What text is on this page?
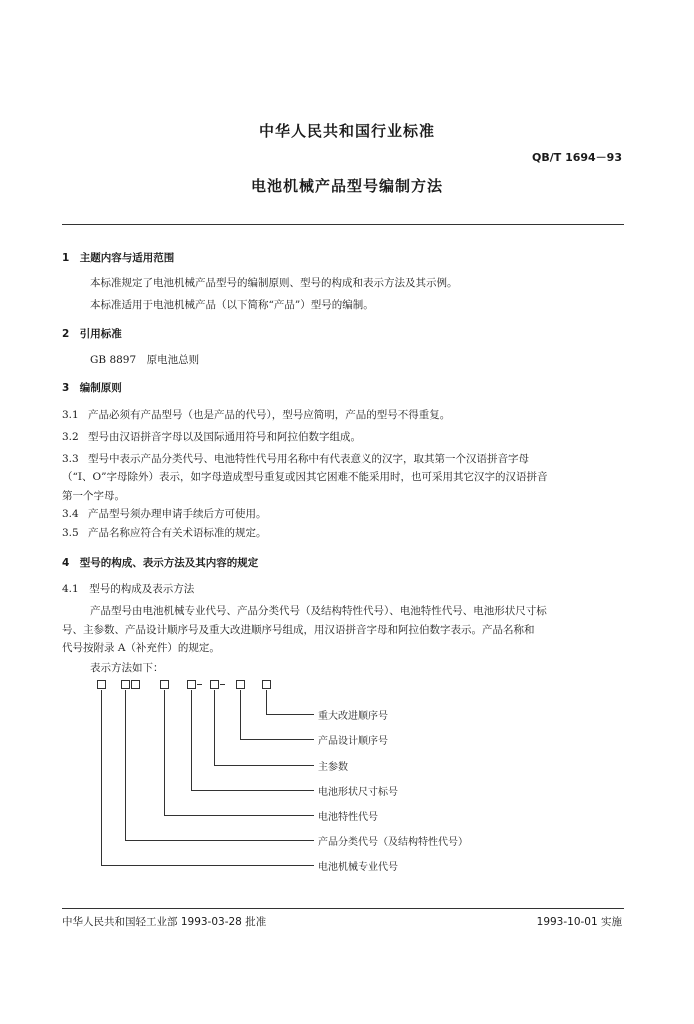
中华人民共和国行业标准
QB/T 1694－93
电池机械产品型号编制方法
1　主题内容与适用范围
本标准规定了电池机械产品型号的编制原则、型号的构成和表示方法及其示例。
本标准适用于电池机械产品（以下简称“产品”）型号的编制。
2　引用标准
GB 8897　原电池总则
3　编制原则
3.1 产品必须有产品型号（也是产品的代号），型号应简明，产品的型号不得重复。
3.2 型号由汉语拼音字母以及国际通用符号和阿拉伯数字组成。
3.3 型号中表示产品分类代号、电池特性代号用名称中有代表意义的汉字，取其第一个汉语拼音字母
（“I、O”字母除外）表示，如字母造成型号重复或因其它困难不能采用时，也可采用其它汉字的汉语拼音
第一个字母。
3.4 产品型号须办理申请手续后方可使用。
3.5 产品名称应符合有关术语标准的规定。
4　型号的构成、表示方法及其内容的规定
4.1　型号的构成及表示方法
产品型号由电池机械专业代号、产品分类代号（及结构特性代号）、电池特性代号、电池形状尺寸标
号、主参数、产品设计顺序号及重大改进顺序号组成，用汉语拼音字母和阿拉伯数字表示。产品名称和
代号按附录 A（补充件）的规定。
表示方法如下：
重大改进顺序号
产品设计顺序号
主参数
电池形状尺寸标号
电池特性代号
产品分类代号（及结构特性代号）
电池机械专业代号
中华人民共和国轻工业部 1993-03-28 批准	1993-10-01 实施
